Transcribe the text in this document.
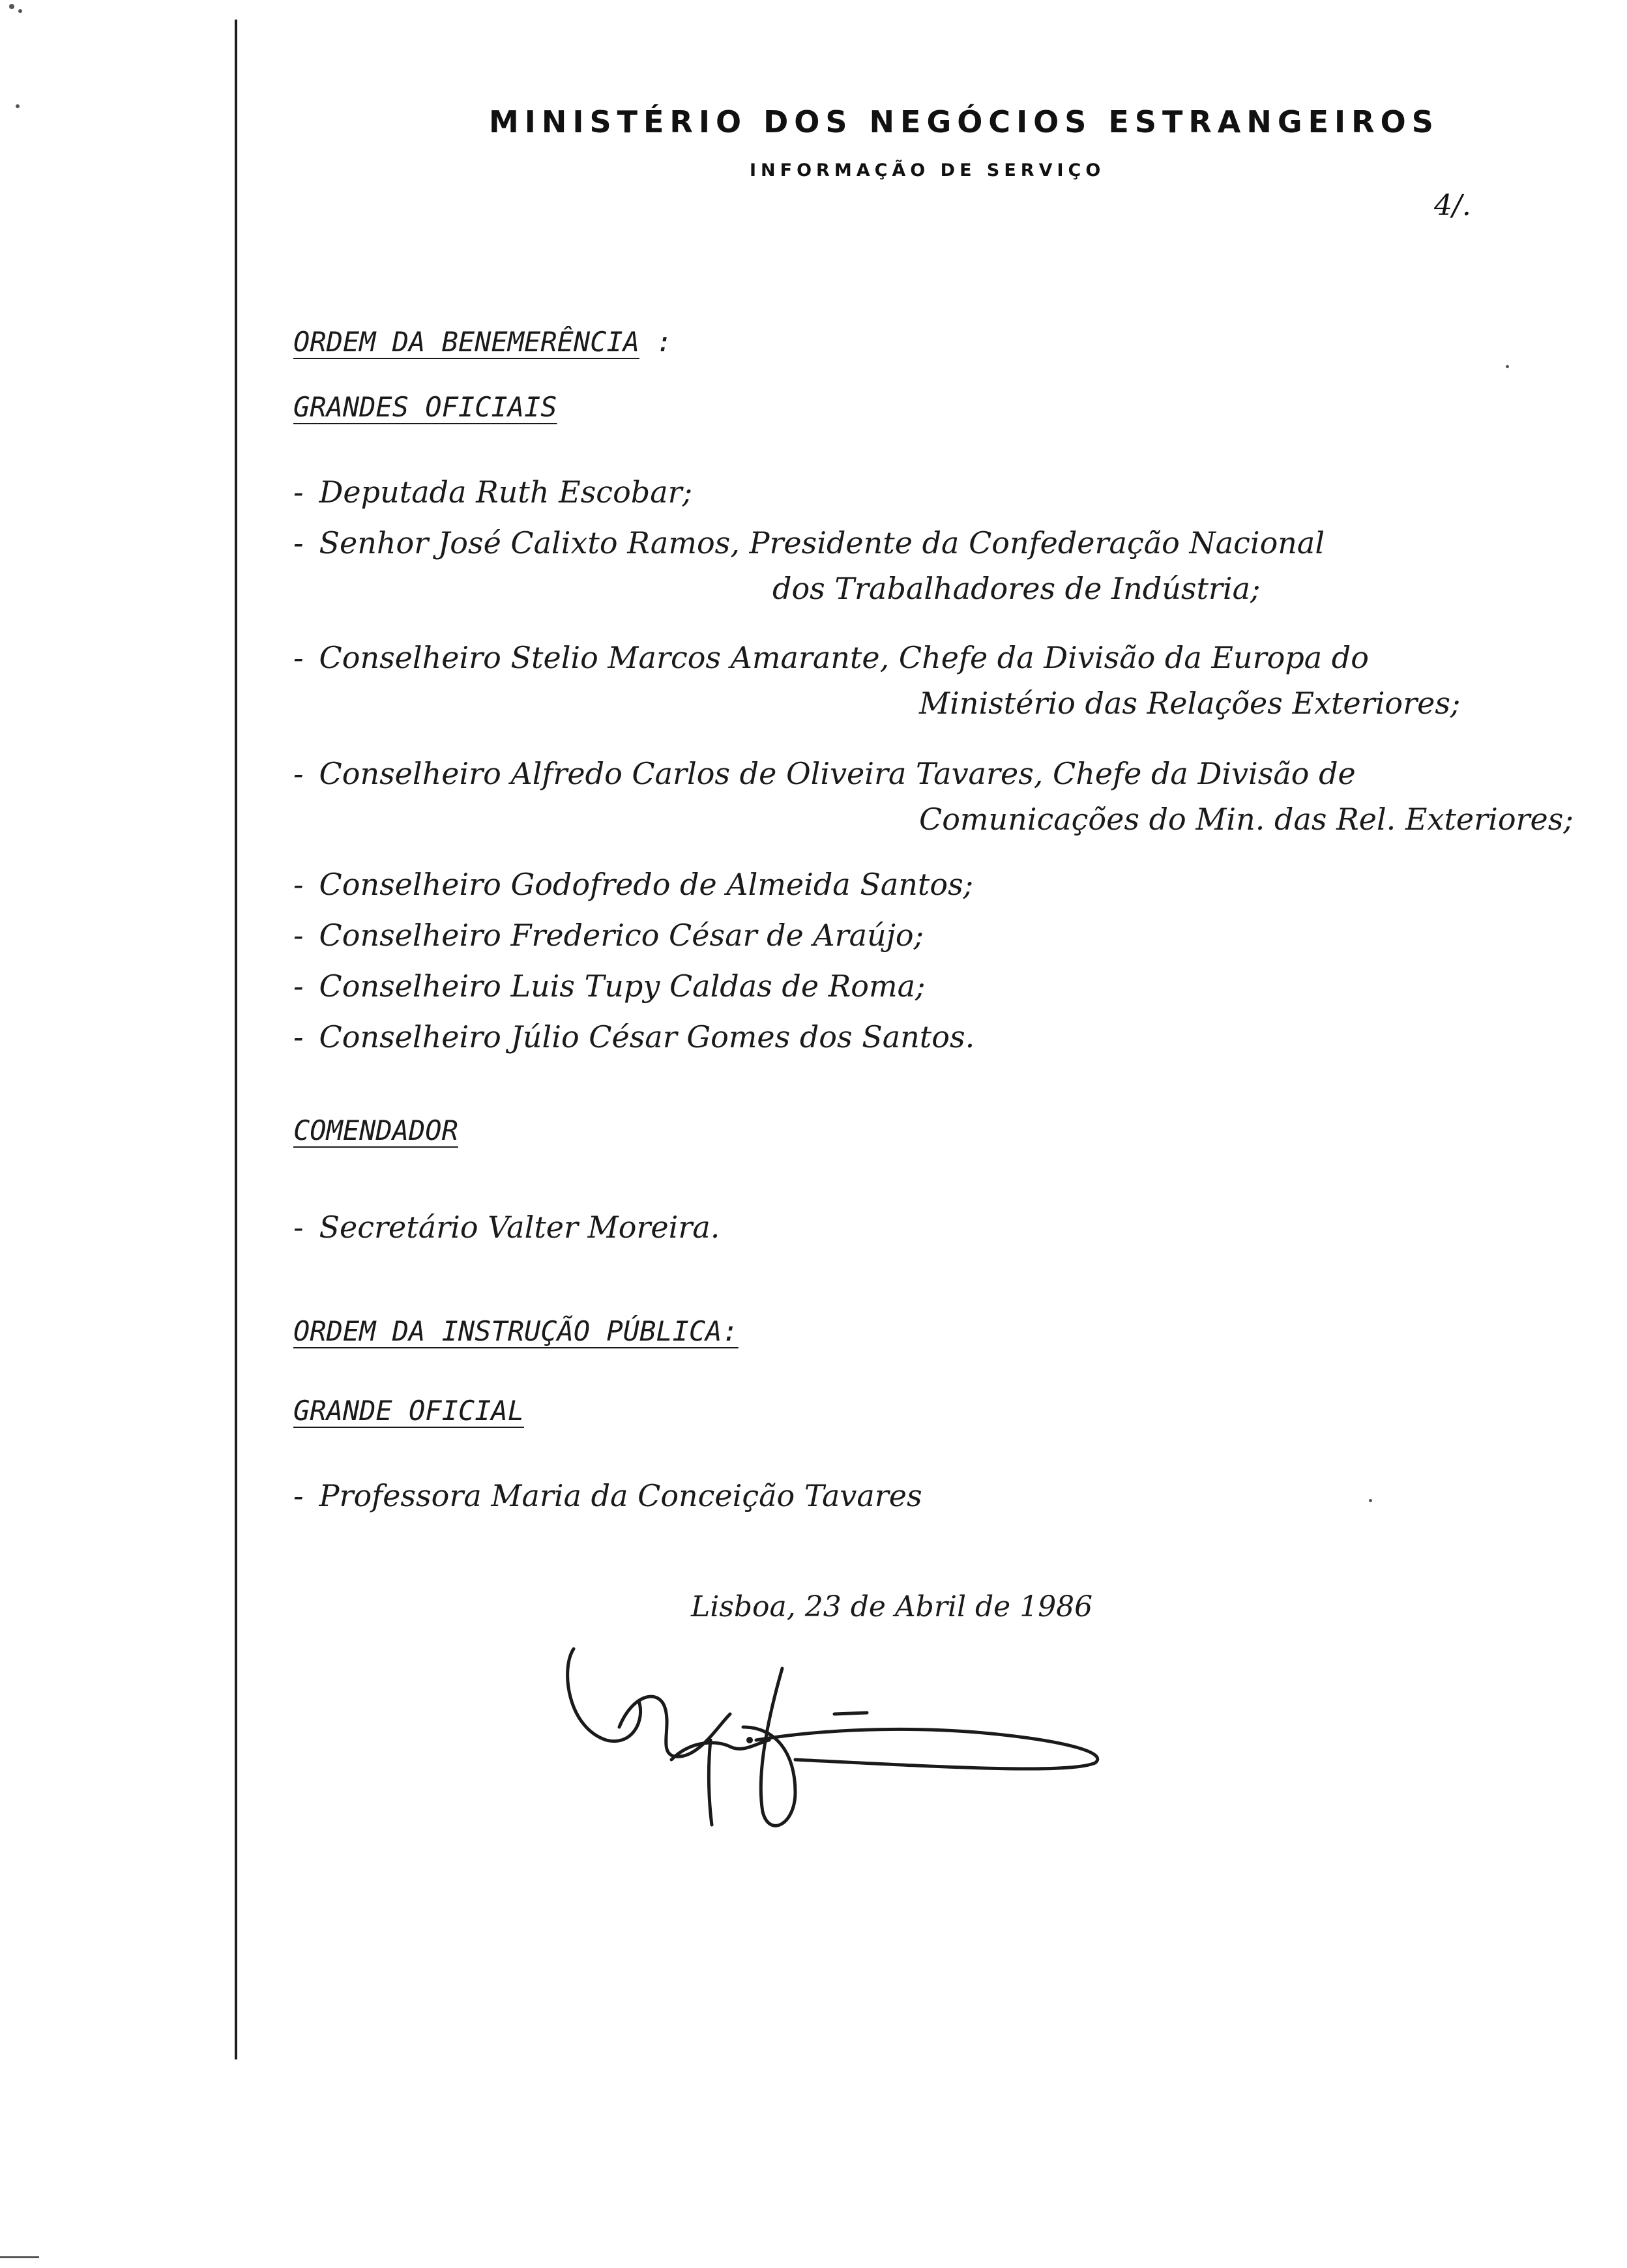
MINISTÉRIO DOS NEGÓCIOS ESTRANGEIROS
INFORMAÇÃO DE SERVIÇO
4/.
ORDEM DA BENEMERÊNCIA :
GRANDES OFICIAIS
- Deputada Ruth Escobar;
- Senhor José Calixto Ramos, Presidente da Confederação Nacional
dos Trabalhadores de Indústria;
- Conselheiro Stelio Marcos Amarante, Chefe da Divisão da Europa do
Ministério das Relações Exteriores;
- Conselheiro Alfredo Carlos de Oliveira Tavares, Chefe da Divisão de
Comunicações do Min. das Rel. Exteriores;
- Conselheiro Godofredo de Almeida Santos;
- Conselheiro Frederico César de Araújo;
- Conselheiro Luis Tupy Caldas de Roma;
- Conselheiro Júlio César Gomes dos Santos.
COMENDADOR
- Secretário Valter Moreira.
ORDEM DA INSTRUÇÃO PÚBLICA:
GRANDE OFICIAL
- Professora Maria da Conceição Tavares
Lisboa, 23 de Abril de 1986
